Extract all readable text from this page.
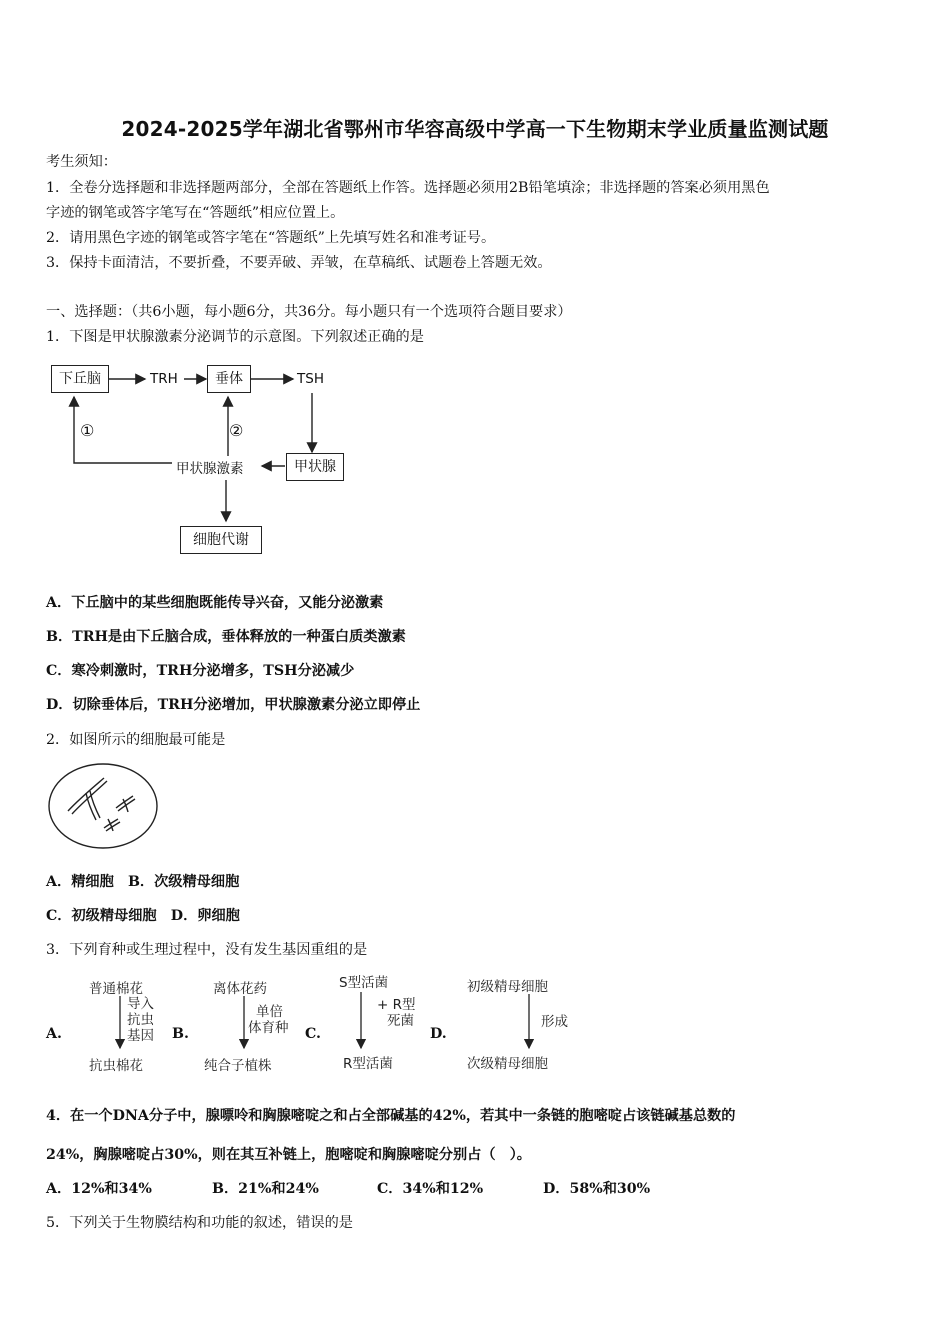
2024-2025学年湖北省鄂州市华容高级中学高一下生物期末学业质量监测试题
考生须知：
1．全卷分选择题和非选择题两部分，全部在答题纸上作答。选择题必须用2B铅笔填涂；非选择题的答案必须用黑色
字迹的钢笔或答字笔写在“答题纸”相应位置上。
2．请用黑色字迹的钢笔或答字笔在“答题纸”上先填写姓名和准考证号。
3．保持卡面清洁，不要折叠，不要弄破、弄皱，在草稿纸、试题卷上答题无效。
一、选择题：（共6小题，每小题6分，共36分。每小题只有一个选项符合题目要求）
1．下图是甲状腺激素分泌调节的示意图。下列叙述正确的是
下丘脑	TRH	垂体	TSH
甲状腺
甲状腺激素
细胞代谢
①	②
A．下丘脑中的某些细胞既能传导兴奋，又能分泌激素
B．TRH是由下丘脑合成，垂体释放的一种蛋白质类激素
C．寒冷刺激时，TRH分泌增多，TSH分泌减少
D．切除垂体后，TRH分泌增加，甲状腺激素分泌立即停止
2．如图所示的细胞最可能是
A．精细胞　B．次级精母细胞
C．初级精母细胞　D．卵细胞
3．下列育种或生理过程中，没有发生基因重组的是
A.
普通棉花
导入
抗虫
基因
抗虫棉花
B.
离体花药
单倍
体育种
纯合子植株
C.
S型活菌
+ R型
死菌
R型活菌
D.
初级精母细胞
形成
次级精母细胞
4．在一个DNA分子中，腺嘌呤和胸腺嘧啶之和占全部碱基的42%，若其中一条链的胞嘧啶占该链碱基总数的
24%，胸腺嘧啶占30%，则在其互补链上，胞嘧啶和胸腺嘧啶分别占（　）。
A．12%和34%	B．21%和24%	C．34%和12%	D．58%和30%
5．下列关于生物膜结构和功能的叙述，错误的是
